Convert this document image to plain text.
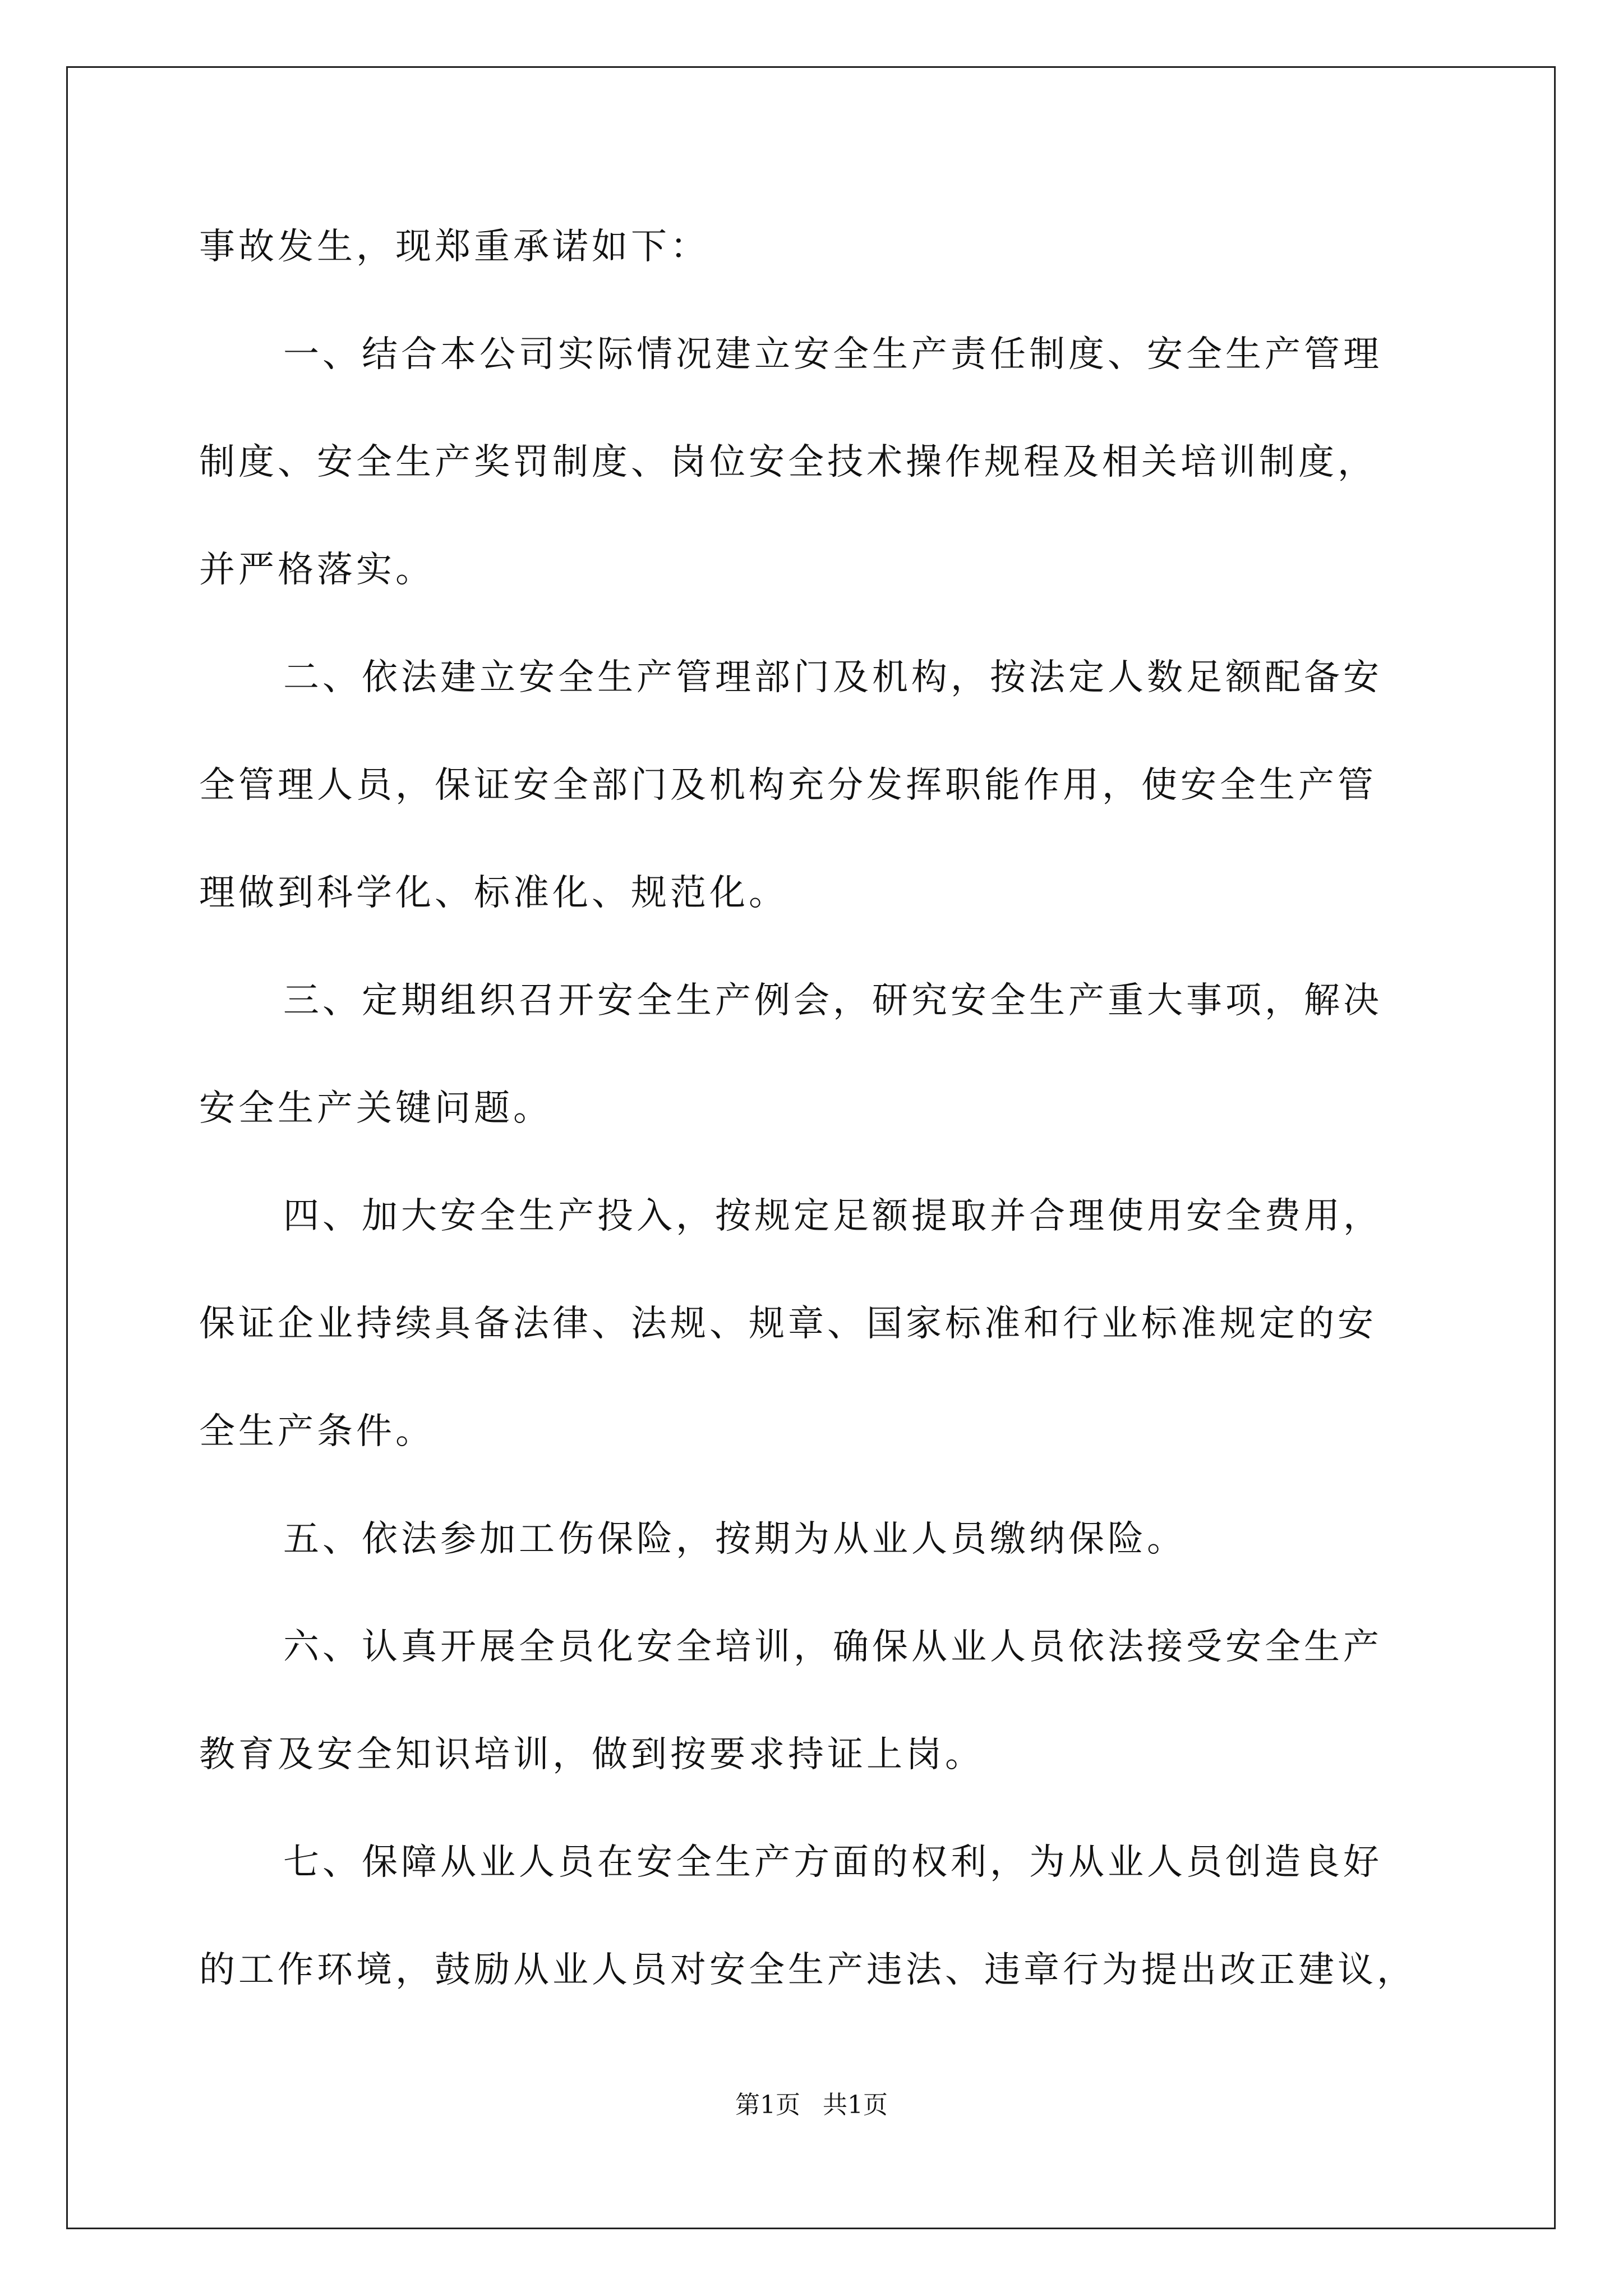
事故发生，现郑重承诺如下：
一、结合本公司实际情况建立安全生产责任制度、安全生产管理
制度、安全生产奖罚制度、岗位安全技术操作规程及相关培训制度，
并严格落实。
二、依法建立安全生产管理部门及机构，按法定人数足额配备安
全管理人员，保证安全部门及机构充分发挥职能作用，使安全生产管
理做到科学化、标准化、规范化。
三、定期组织召开安全生产例会，研究安全生产重大事项，解决
安全生产关键问题。
四、加大安全生产投入，按规定足额提取并合理使用安全费用，
保证企业持续具备法律、法规、规章、国家标准和行业标准规定的安
全生产条件。
五、依法参加工伤保险，按期为从业人员缴纳保险。
六、认真开展全员化安全培训，确保从业人员依法接受安全生产
教育及安全知识培训，做到按要求持证上岗。
七、保障从业人员在安全生产方面的权利，为从业人员创造良好
的工作环境，鼓励从业人员对安全生产违法、违章行为提出改正建议，
第1页 共1页
